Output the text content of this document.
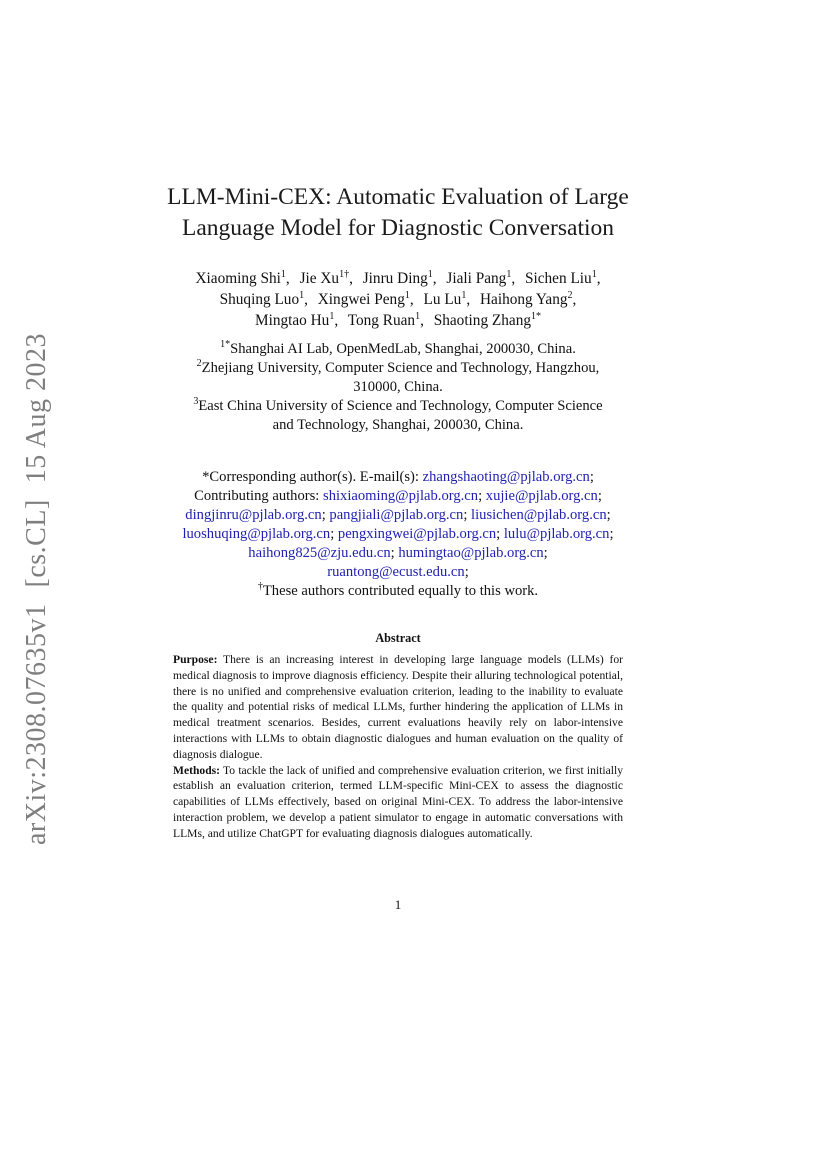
arXiv:2308.07635v1[cs.CL]15 Aug 2023
LLM-Mini-CEX: Automatic Evaluation of Large
Language Model for Diagnostic Conversation
Xiaoming Shi$^1$, Jie $Xu^{1\dagger}$, Jinru Ding$^1$, Jiali Pang$^1$, Sichen Liu$^1$,
Shuqing Luo$^1$, Xingwei Peng$^1$, Lu Lu$^1$, Haihong Yang$^2$,
Mingtao Hu$^1$, Tong Ruan$^1$, Shaoting Zhang$^{1*}$

$^{1*}$Shanghai AI Lab, OpenMedLab, Shanghai, 200030, China.

$^2$Zhejiang University, Computer Science and Technology, Hangzhou,

310000, China.

$^3$East China University of Science and Technology, Computer Science

and Technology, Shanghai, 200030, China.

*Corresponding author(s). E-mail(s): zhangshaoting@pjlab.org.cn;

Contributing authors: shixiaoming@pjlab.org.cn; xujie@pjlab.org.cn;

dingjinru@pjlab.org.cn; pangjiali@pjlab.org.cn; liusichen@pjlab.org.cn;

luoshuqing@pjlab.org.cn; pengxingwei@pjlab.org.cn; lulu@pjlab.org.cn;

haihong825@zju.edu.cn; humingtao@pjlab.org.cn;

ruantong@ecust.edu.cn;

†These authors contributed equally to this work.

Abstract

Purpose: There is an increasing interest in developing large language models (LLMs) for medical diagnosis to improve diagnosis efficiency. Despite their alluring technological potential, there is no unified and comprehensive evaluation criterion, leading to the inability to evaluate the quality and potential risks of medical LLMs, further hindering the application of LLMs in medical treatment scenarios. Besides, current evaluations heavily rely on labor-intensive interactions with LLMs to obtain diagnostic dialogues and human evaluation on the quality of diagnosis dialogue.

Methods: To tackle the lack of unified and comprehensive evaluation criterion, we first initially establish an evaluation criterion, termed LLM-specific Mini-CEX to assess the diagnostic capabilities of LLMs effectively, based on original Mini-CEX. To address the labor-intensive interaction problem, we develop a patient simulator to engage in automatic conversations with LLMs, and utilize ChatGPT for evaluating diagnosis dialogues automatically.

1
